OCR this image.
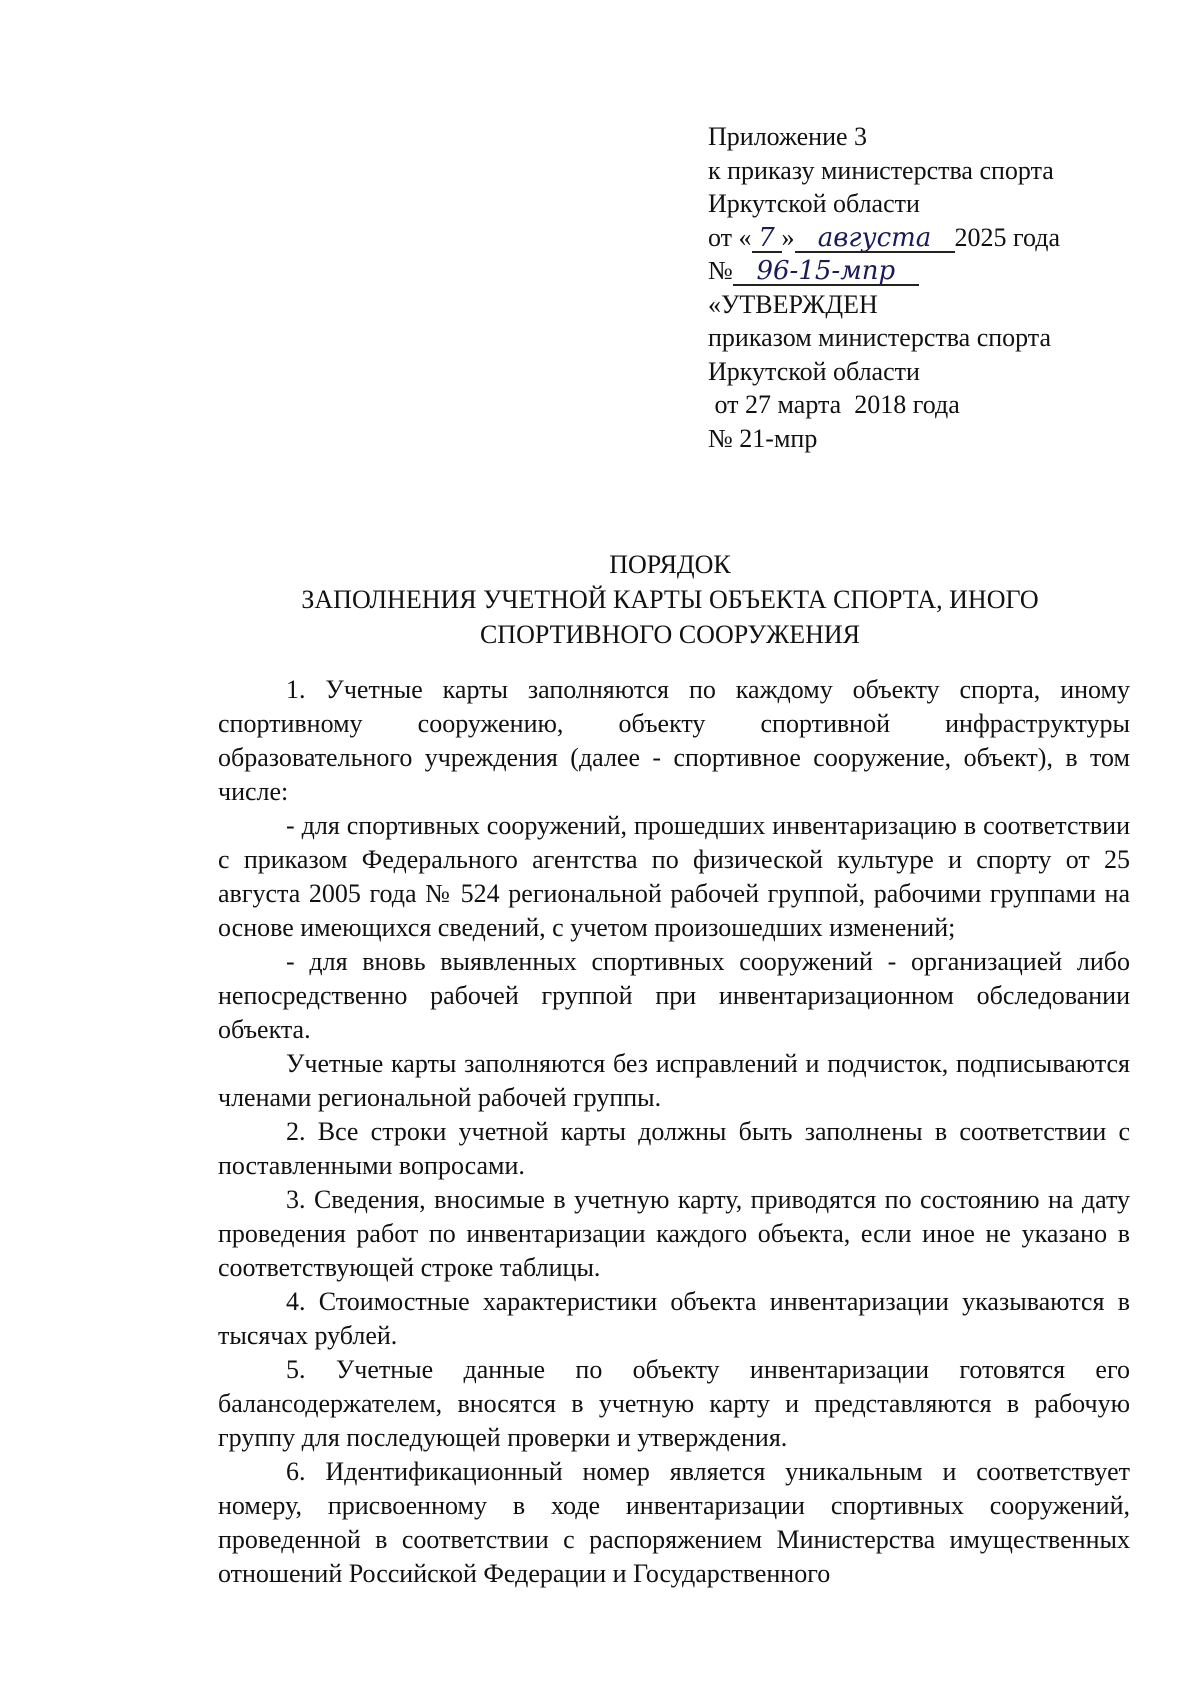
Приложение 3
к приказу министерства спорта
Иркутской области
от « 7 » августа 2025 года
№ 96-15-мпр
«УТВЕРЖДЕН
приказом министерства спорта
Иркутской области
от 27 марта  2018 года
№ 21-мпр
ПОРЯДОК
ЗАПОЛНЕНИЯ УЧЕТНОЙ КАРТЫ ОБЪЕКТА СПОРТА, ИНОГО
СПОРТИВНОГО СООРУЖЕНИЯ

1. Учетные карты заполняются по каждому объекту спорта, иному спортивному сооружению, объекту спортивной инфраструктуры образовательного учреждения (далее - спортивное сооружение, объект), в том числе:

- для спортивных сооружений, прошедших инвентаризацию в соответствии с приказом Федерального агентства по физической культуре и спорту от 25 августа 2005 года № 524 региональной рабочей группой, рабочими группами на основе имеющихся сведений, с учетом произошедших изменений;

- для вновь выявленных спортивных сооружений - организацией либо непосредственно рабочей группой при инвентаризационном обследовании объекта.

Учетные карты заполняются без исправлений и подчисток, подписываются членами региональной рабочей группы.

2. Все строки учетной карты должны быть заполнены в соответствии с поставленными вопросами.

3. Сведения, вносимые в учетную карту, приводятся по состоянию на дату проведения работ по инвентаризации каждого объекта, если иное не указано в соответствующей строке таблицы.

4. Стоимостные характеристики объекта инвентаризации указываются в тысячах рублей.

5. Учетные данные по объекту инвентаризации готовятся его балансодержателем, вносятся в учетную карту и представляются в рабочую группу для последующей проверки и утверждения.

6. Идентификационный номер является уникальным и соответствует номеру, присвоенному в ходе инвентаризации спортивных сооружений, проведенной в соответствии с распоряжением Министерства имущественных отношений Российской Федерации и Государственного
